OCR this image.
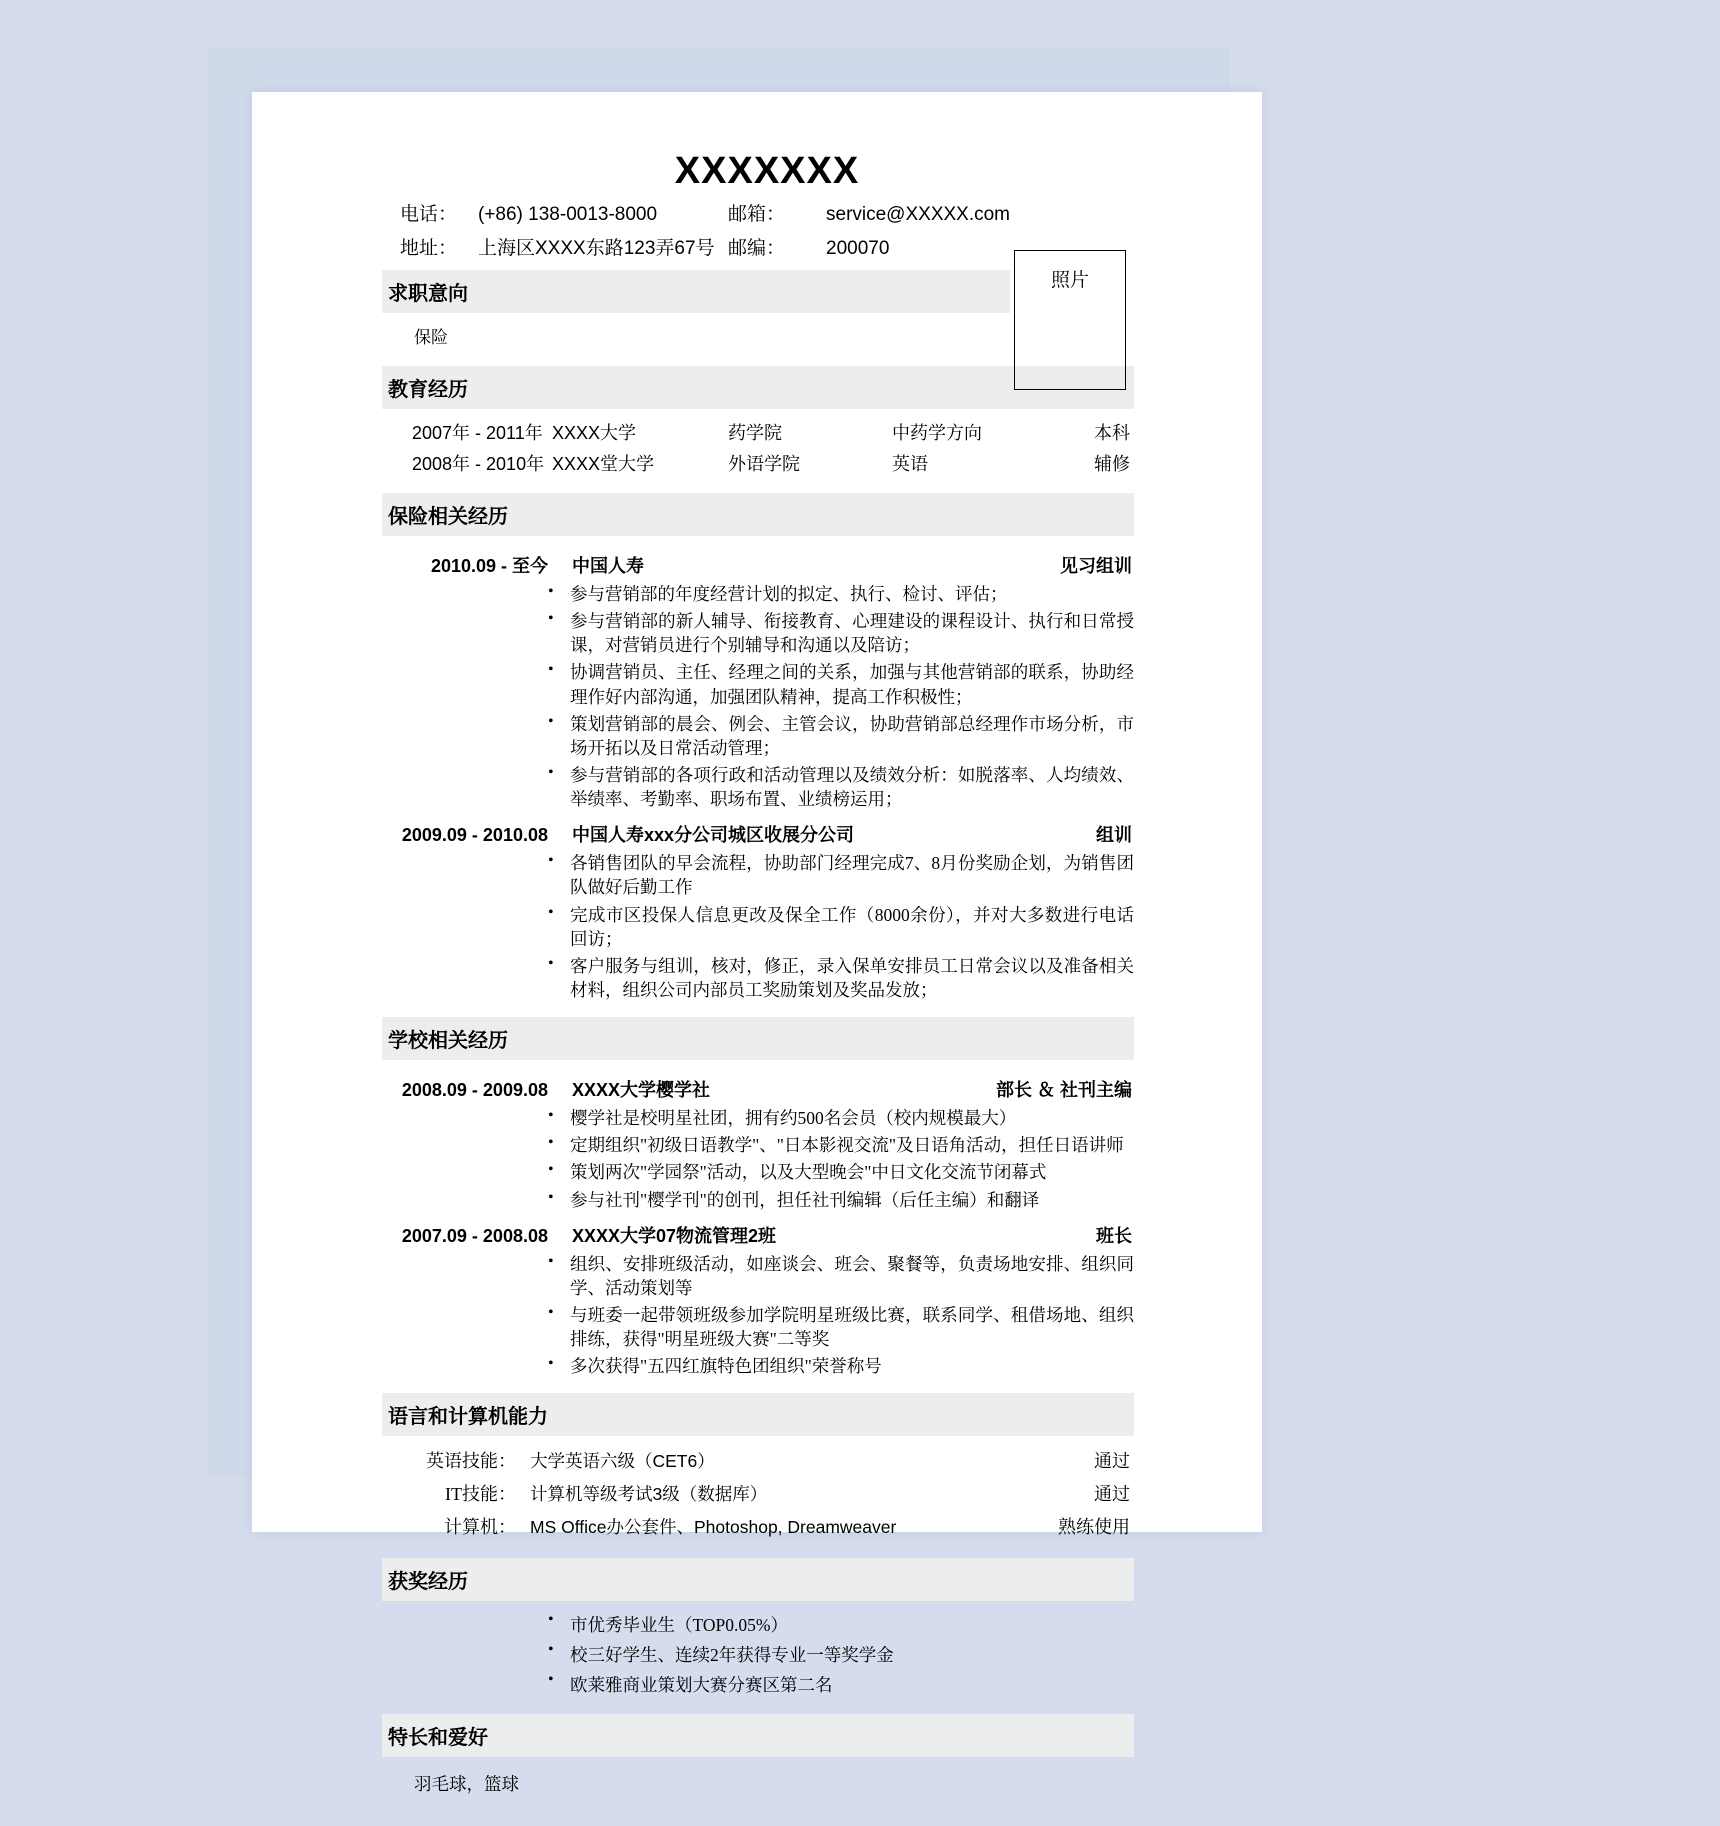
XXXXXXX
电话：	(+86) 138-0013-8000	邮箱：	service@XXXXX.com
地址：	上海区XXXX东路123弄67号 邮编：	200070
照片
求职意向
保险
教育经历
2007年 - 2011年 XXXX大学	药学院	中药学方向	本科
2008年 - 2010年 XXXX堂大学	外语学院	英语	辅修
保险相关经历
2010.09 - 至今	中国人寿	见习组训
• 参与营销部的年度经营计划的拟定、执行、检讨、评估；
• 参与营销部的新人辅导、衔接教育、心理建设的课程设计、执行和日常授课，对营销员进行个别辅导和沟通以及陪访；
• 协调营销员、主任、经理之间的关系，加强与其他营销部的联系，协助经理作好内部沟通，加强团队精神，提高工作积极性；
• 策划营销部的晨会、例会、主管会议，协助营销部总经理作市场分析，市场开拓以及日常活动管理；
• 参与营销部的各项行政和活动管理以及绩效分析：如脱落率、人均绩效、举绩率、考勤率、职场布置、业绩榜运用；
2009.09 - 2010.08	中国人寿xxx分公司城区收展分公司	组训
• 各销售团队的早会流程，协助部门经理完成7、8月份奖励企划，为销售团队做好后勤工作
• 完成市区投保人信息更改及保全工作（8000余份），并对大多数进行电话回访；
• 客户服务与组训，核对，修正，录入保单安排员工日常会议以及准备相关材料，组织公司内部员工奖励策划及奖品发放；
学校相关经历
2008.09 - 2009.08	XXXX大学樱学社	部长 ＆ 社刊主编
• 樱学社是校明星社团，拥有约500名会员（校内规模最大）
• 定期组织"初级日语教学"、"日本影视交流"及日语角活动，担任日语讲师
• 策划两次"学园祭"活动，以及大型晚会"中日文化交流节闭幕式
• 参与社刊"樱学刊"的创刊，担任社刊编辑（后任主编）和翻译
2007.09 - 2008.08	XXXX大学07物流管理2班	班长
• 组织、安排班级活动，如座谈会、班会、聚餐等，负责场地安排、组织同学、活动策划等
• 与班委一起带领班级参加学院明星班级比赛，联系同学、租借场地、组织排练，获得"明星班级大赛"二等奖
• 多次获得"五四红旗特色团组织"荣誉称号
语言和计算机能力
英语技能： 大学英语六级（CET6）	通过
IT技能： 计算机等级考试3级（数据库）	通过
计算机： MS Office办公套件、Photoshop, Dreamweaver	熟练使用
获奖经历
• 市优秀毕业生（TOP0.05%）
• 校三好学生、连续2年获得专业一等奖学金
• 欧莱雅商业策划大赛分赛区第二名
特长和爱好
羽毛球，篮球
